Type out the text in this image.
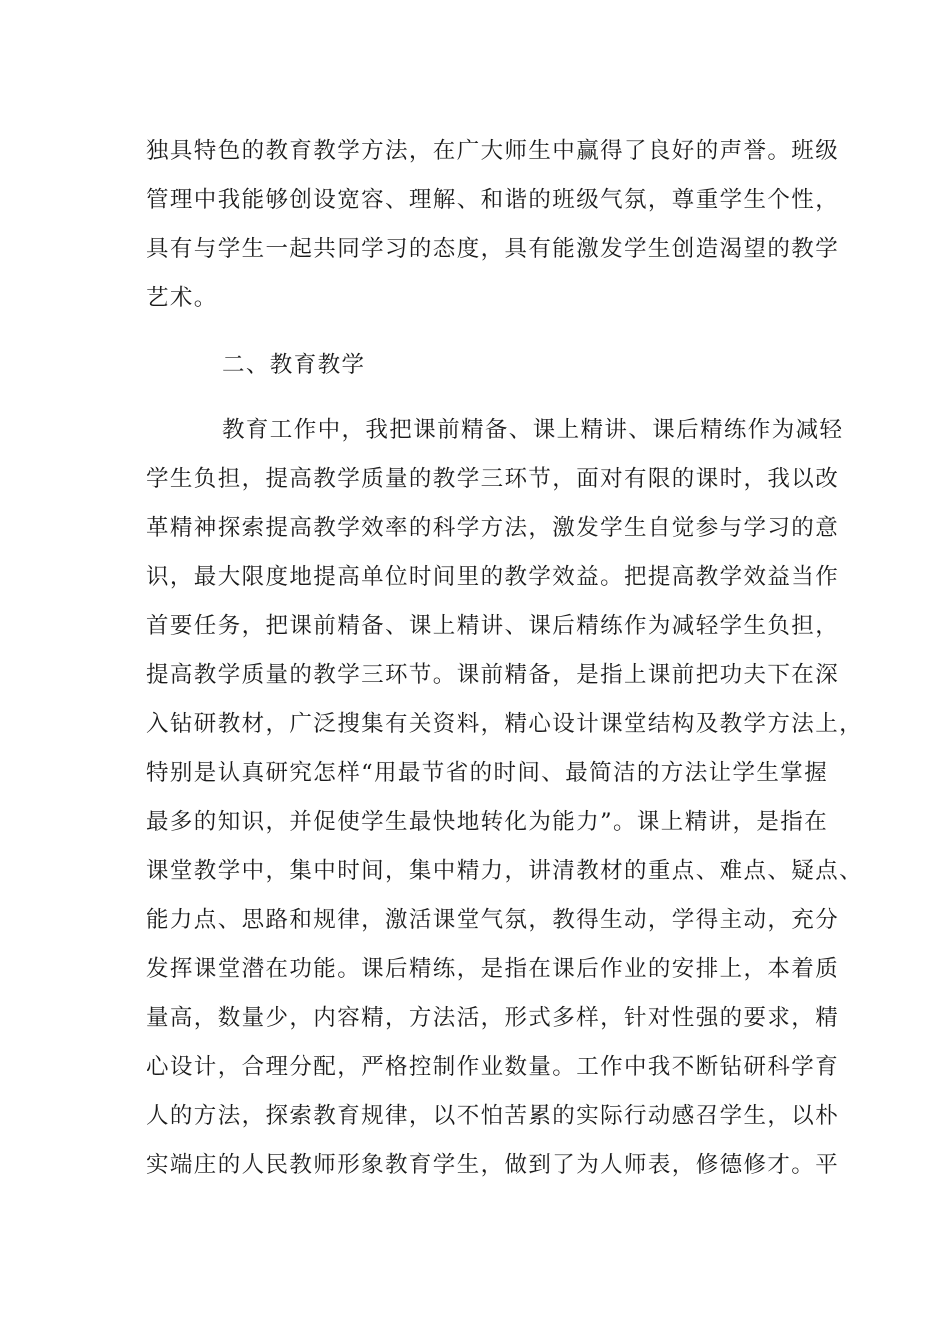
独具特色的教育教学方法，在广大师生中赢得了良好的声誉。班级
管理中我能够创设宽容、理解、和谐的班级气氛，尊重学生个性，
具有与学生一起共同学习的态度，具有能激发学生创造渴望的教学
艺术。
二、教育教学
教育工作中，我把课前精备、课上精讲、课后精练作为减轻
学生负担，提高教学质量的教学三环节，面对有限的课时，我以改
革精神探索提高教学效率的科学方法，激发学生自觉参与学习的意
识，最大限度地提高单位时间里的教学效益。把提高教学效益当作
首要任务，把课前精备、课上精讲、课后精练作为减轻学生负担，
提高教学质量的教学三环节。课前精备，是指上课前把功夫下在深
入钻研教材，广泛搜集有关资料，精心设计课堂结构及教学方法上，
特别是认真研究怎样“用最节省的时间、最简洁的方法让学生掌握
最多的知识，并促使学生最快地转化为能力”。课上精讲，是指在
课堂教学中，集中时间，集中精力，讲清教材的重点、难点、疑点、
能力点、思路和规律，激活课堂气氛，教得生动，学得主动，充分
发挥课堂潜在功能。课后精练，是指在课后作业的安排上，本着质
量高，数量少，内容精，方法活，形式多样，针对性强的要求，精
心设计，合理分配，严格控制作业数量。工作中我不断钻研科学育
人的方法，探索教育规律，以不怕苦累的实际行动感召学生，以朴
实端庄的人民教师形象教育学生，做到了为人师表，修德修才。平
